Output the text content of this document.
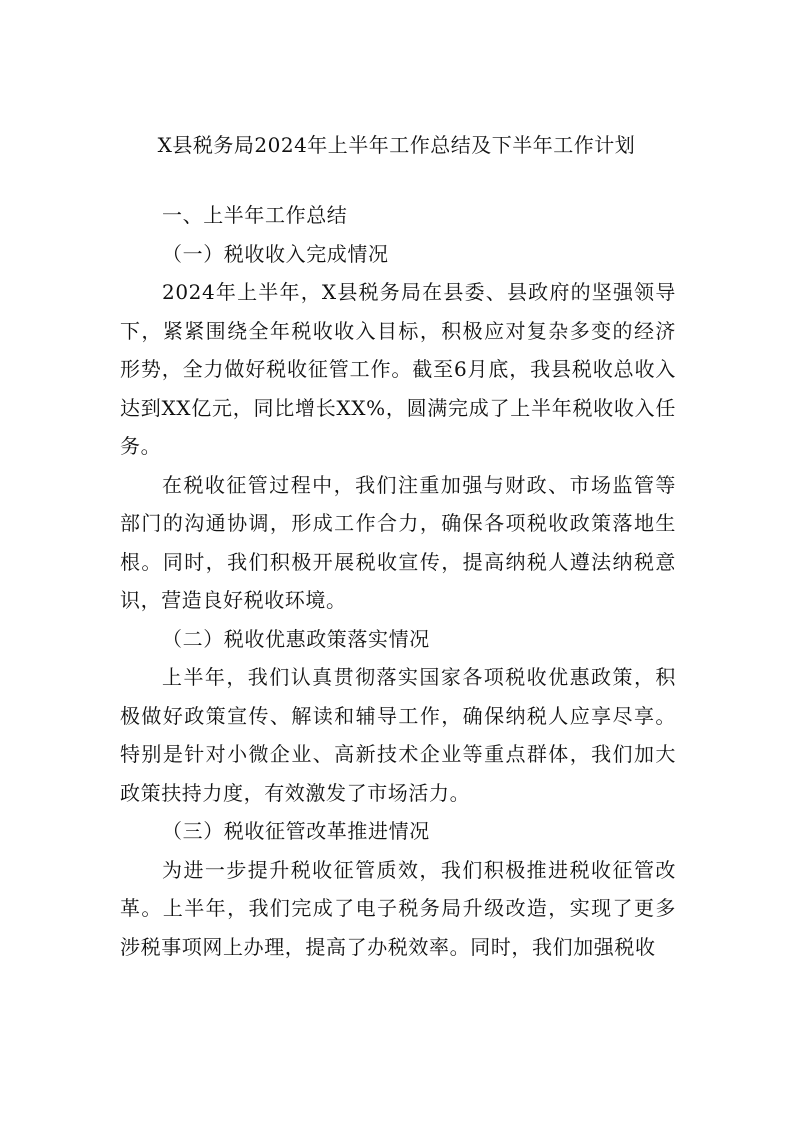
X县税务局2024年上半年工作总结及下半年工作计划

一、上半年工作总结

（一）税收收入完成情况

2024年上半年，X县税务局在县委、县政府的坚强领导下，紧紧围绕全年税收收入目标，积极应对复杂多变的经济形势，全力做好税收征管工作。截至6月底，我县税收总收入达到XX亿元，同比增长XX%，圆满完成了上半年税收收入任务。

在税收征管过程中，我们注重加强与财政、市场监管等部门的沟通协调，形成工作合力，确保各项税收政策落地生根。同时，我们积极开展税收宣传，提高纳税人遵法纳税意识，营造良好税收环境。

（二）税收优惠政策落实情况

上半年，我们认真贯彻落实国家各项税收优惠政策，积极做好政策宣传、解读和辅导工作，确保纳税人应享尽享。特别是针对小微企业、高新技术企业等重点群体，我们加大政策扶持力度，有效激发了市场活力。

（三）税收征管改革推进情况

为进一步提升税收征管质效，我们积极推进税收征管改革。上半年，我们完成了电子税务局升级改造，实现了更多涉税事项网上办理，提高了办税效率。同时，我们加强税收
